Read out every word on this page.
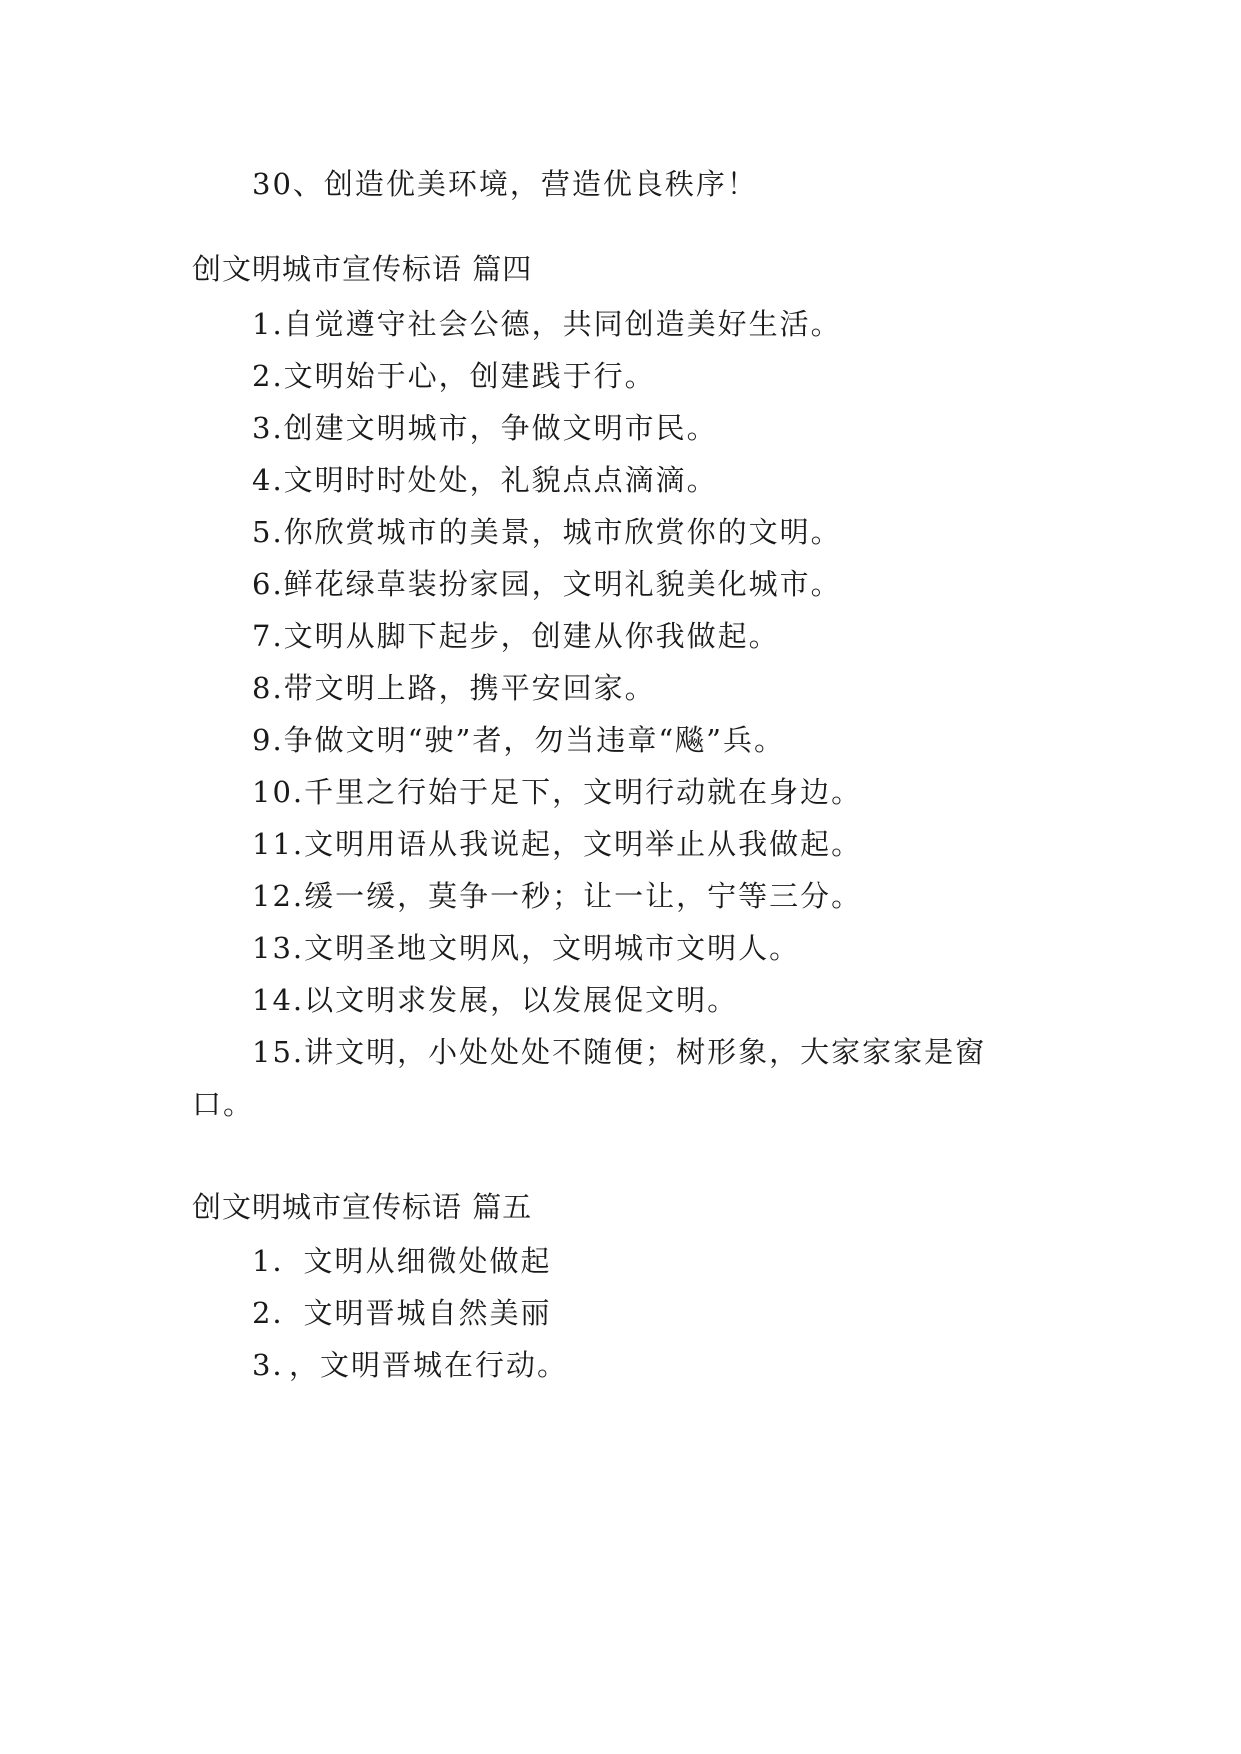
30、创造优美环境，营造优良秩序！
创文明城市宣传标语 篇四
1.自觉遵守社会公德，共同创造美好生活。
2.文明始于心，创建践于行。
3.创建文明城市，争做文明市民。
4.文明时时处处，礼貌点点滴滴。
5.你欣赏城市的美景，城市欣赏你的文明。
6.鲜花绿草装扮家园，文明礼貌美化城市。
7.文明从脚下起步，创建从你我做起。
8.带文明上路，携平安回家。
9.争做文明“驶”者，勿当违章“飚”兵。
10.千里之行始于足下，文明行动就在身边。
11.文明用语从我说起，文明举止从我做起。
12.缓一缓，莫争一秒；让一让，宁等三分。
13.文明圣地文明风，文明城市文明人。
14.以文明求发展，以发展促文明。
15.讲文明，小处处处不随便；树形象，大家家家是窗
口。
创文明城市宣传标语 篇五
1．文明从细微处做起
2．文明晋城自然美丽
3．，文明晋城在行动。
